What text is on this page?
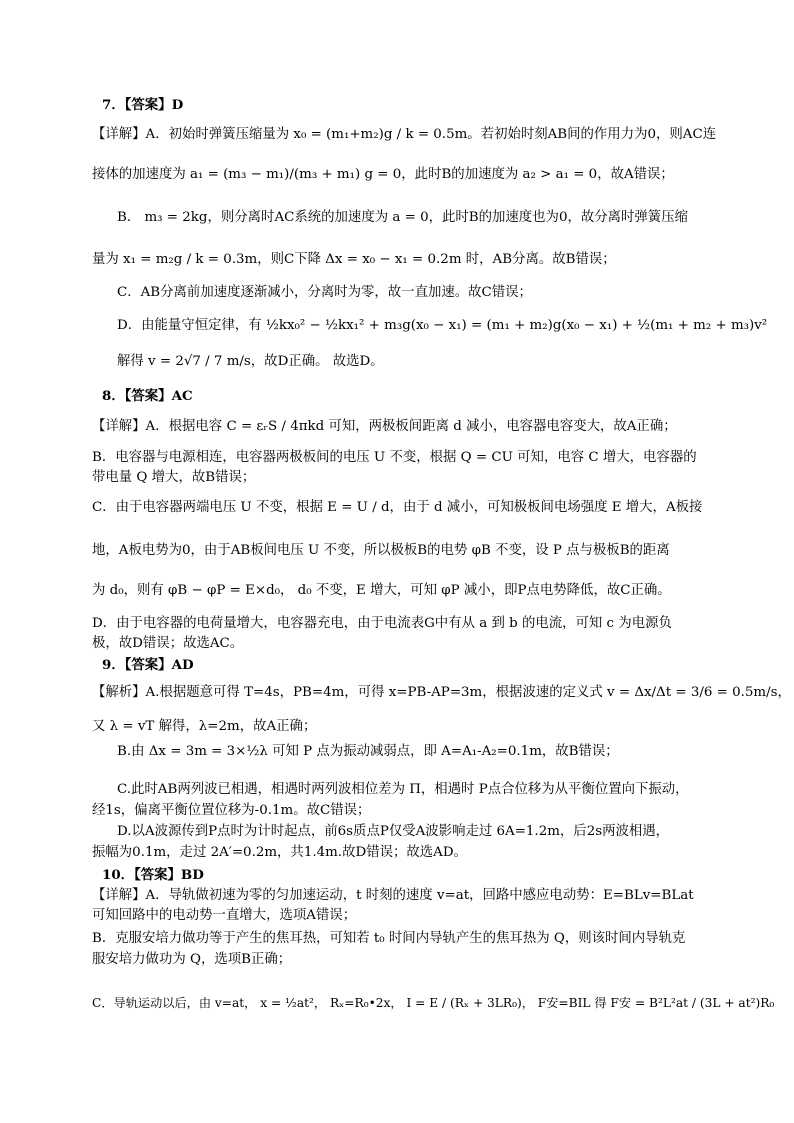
7．【答案】D
【详解】A．初始时弹簧压缩量为 x₀ = (m₁+m₂)g / k = 0.5m。若初始时刻AB间的作用力为0，则AC连
接体的加速度为 a₁ = (m₃ − m₁)/(m₃ + m₁) g = 0，此时B的加速度为 a₂ > a₁ = 0，故A错误；
B． m₃ = 2kg，则分离时AC系统的加速度为 a = 0，此时B的加速度也为0，故分离时弹簧压缩
量为 x₁ = m₂g / k = 0.3m，则C下降 Δx = x₀ − x₁ = 0.2m 时，AB分离。故B错误；
C．AB分离前加速度逐渐减小，分离时为零，故一直加速。故C错误；
D．由能量守恒定律，有 ½kx₀² − ½kx₁² + m₃g(x₀ − x₁) = (m₁ + m₂)g(x₀ − x₁) + ½(m₁ + m₂ + m₃)v²
解得 v = 2√7 / 7 m/s，故D正确。 故选D。
8．【答案】AC
【详解】A．根据电容 C = εᵣS / 4πkd 可知，两极板间距离 d 减小，电容器电容变大，故A正确；
B．电容器与电源相连，电容器两极板间的电压 U 不变，根据 Q = CU 可知，电容 C 增大，电容器的
带电量 Q 增大，故B错误；
C．由于电容器两端电压 U 不变，根据 E = U / d，由于 d 减小，可知极板间电场强度 E 增大，A板接
地，A板电势为0，由于AB板间电压 U 不变，所以极板B的电势 φB 不变，设 P 点与极板B的距离
为 d₀，则有 φB − φP = E×d₀， d₀ 不变，E 增大，可知 φP 减小，即P点电势降低，故C正确。
D．由于电容器的电荷量增大，电容器充电，由于电流表G中有从 a 到 b 的电流，可知 c 为电源负
极，故D错误；故选AC。
9．【答案】AD
【解析】A.根据题意可得 T=4s，PB=4m，可得 x=PB-AP=3m，根据波速的定义式 v = Δx/Δt = 3/6 = 0.5m/s，
又 λ = vT 解得，λ=2m，故A正确；
B.由 Δx = 3m = 3×½λ 可知 P 点为振动减弱点，即 A=A₁-A₂=0.1m，故B错误；
C.此时AB两列波已相遇，相遇时两列波相位差为 Π，相遇时 P点合位移为从平衡位置向下振动，
经1s，偏离平衡位置位移为-0.1m。故C错误；
D.以A波源传到P点时为计时起点，前6s质点P仅受A波影响走过 6A=1.2m，后2s两波相遇，
振幅为0.1m，走过 2A′=0.2m，共1.4m.故D错误；故选AD。
10．【答案】BD
【详解】A．导轨做初速为零的匀加速运动，t 时刻的速度 v=at，回路中感应电动势：E=BLv=BLat
可知回路中的电动势一直增大，选项A错误；
B．克服安培力做功等于产生的焦耳热，可知若 t₀ 时间内导轨产生的焦耳热为 Q，则该时间内导轨克
服安培力做功为 Q，选项B正确；
C．导轨运动以后，由 v=at， x = ½at²， Rₓ=R₀•2x， I = E / (Rₓ + 3LR₀)， F安=BIL 得 F安 = B²L²at / (3L + at²)R₀
